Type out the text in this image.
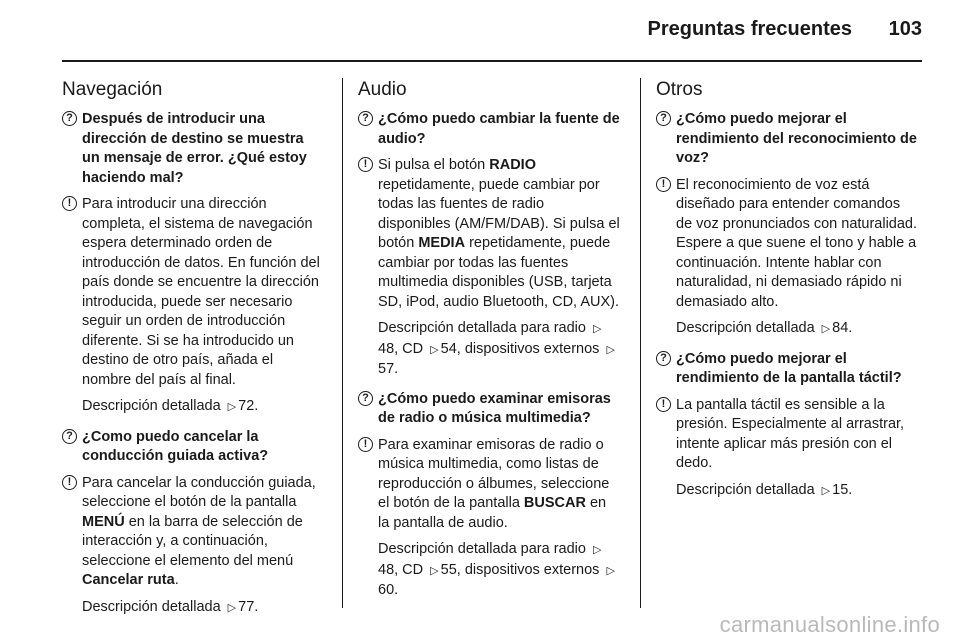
Preguntas frecuentes 103
Navegación
? Después de introducir una dirección de destino se muestra un mensaje de error. ¿Qué estoy haciendo mal?
! Para introducir una dirección completa, el sistema de navegación espera determinado orden de introducción de datos. En función del país donde se encuentre la dirección introducida, puede ser necesario seguir un orden de introducción diferente. Si se ha introducido un destino de otro país, añada el nombre del país al final.
Descripción detallada ▷ 72.
? ¿Como puedo cancelar la conducción guiada activa?
! Para cancelar la conducción guiada, seleccione el botón de la pantalla MENÚ en la barra de selección de interacción y, a continuación, seleccione el elemento del menú Cancelar ruta.
Descripción detallada ▷ 77.
Audio
? ¿Cómo puedo cambiar la fuente de audio?
! Si pulsa el botón RADIO repetidamente, puede cambiar por todas las fuentes de radio disponibles (AM/FM/DAB). Si pulsa el botón MEDIA repetidamente, puede cambiar por todas las fuentes multimedia disponibles (USB, tarjeta SD, iPod, audio Bluetooth, CD, AUX).
Descripción detallada para radio ▷48, CD ▷ 54, dispositivos externos ▷57.
? ¿Cómo puedo examinar emisoras de radio o música multimedia?
! Para examinar emisoras de radio o música multimedia, como listas de reproducción o álbumes, seleccione el botón de la pantalla BUSCAR en la pantalla de audio.
Descripción detallada para radio ▷48, CD ▷ 55, dispositivos externos ▷60.
Otros
? ¿Cómo puedo mejorar el rendimiento del reconocimiento de voz?
! El reconocimiento de voz está diseñado para entender comandos de voz pronunciados con naturalidad. Espere a que suene el tono y hable a continuación. Intente hablar con naturalidad, ni demasiado rápido ni demasiado alto.
Descripción detallada ▷ 84.
? ¿Cómo puedo mejorar el rendimiento de la pantalla táctil?
! La pantalla táctil es sensible a la presión. Especialmente al arrastrar, intente aplicar más presión con el dedo.
Descripción detallada ▷ 15.
carmanualsonline.info
